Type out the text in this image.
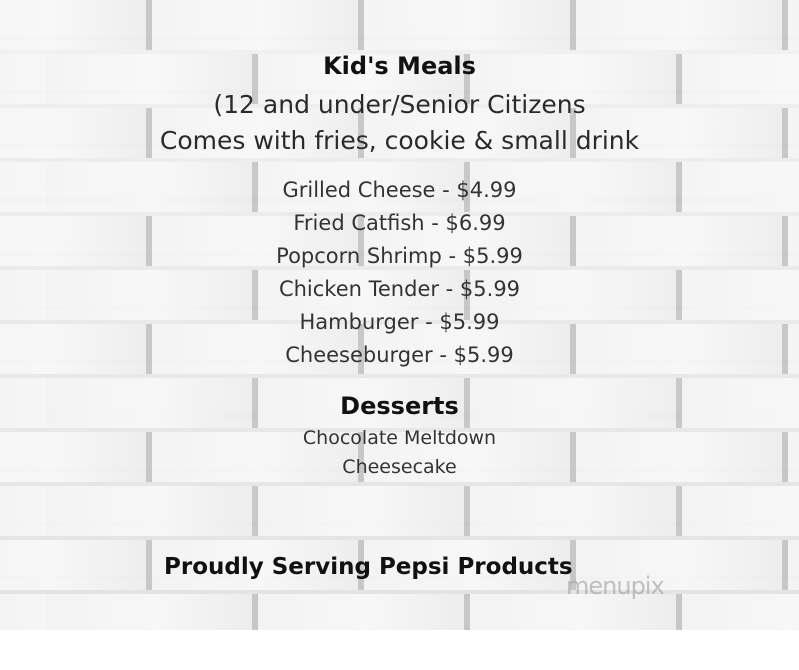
Kid's Meals

(12 and under/Senior Citizens

Comes with fries, cookie & small drink

Grilled Cheese - $4.99

Fried Catfish - $6.99

Popcorn Shrimp - $5.99

Chicken Tender - $5.99

Hamburger - $5.99

Cheeseburger - $5.99

Desserts

Chocolate Meltdown

Cheesecake

Proudly Serving Pepsi Products

menupix
